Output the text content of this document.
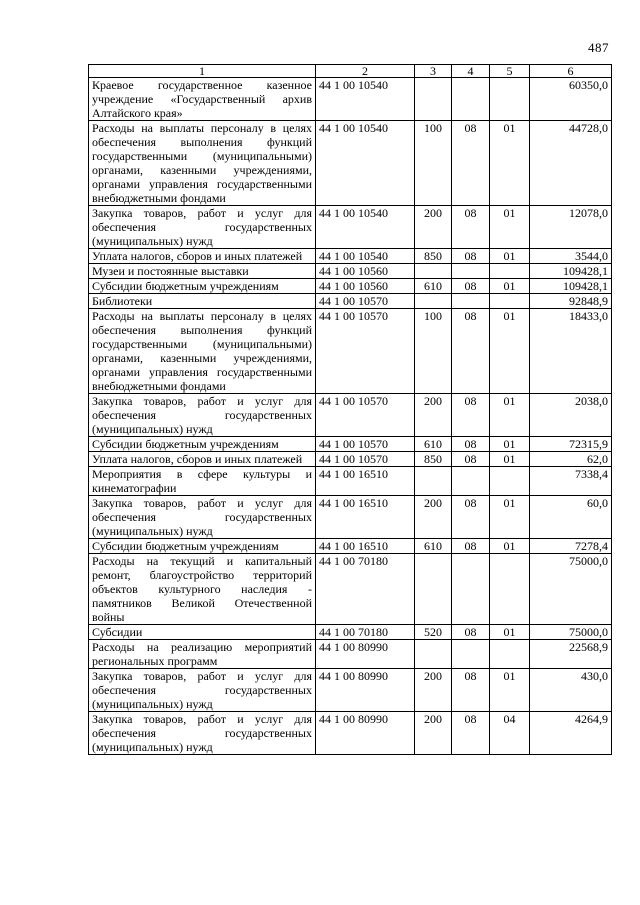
487
1	2	3	4	5	6
Краевое государственное казенное учреждение «Государственный архив Алтайского края»	44 1 00 10540				60350,0
Расходы на выплаты персоналу в целях обеспечения выполнения функций государственными (муниципальными) органами, казенными учреждениями, органами управления государственными внебюджетными фондами	44 1 00 10540	100	08	01	44728,0
Закупка товаров, работ и услуг для обеспечения государственных (муниципальных) нужд	44 1 00 10540	200	08	01	12078,0
Уплата налогов, сборов и иных платежей	44 1 00 10540	850	08	01	3544,0
Музеи и постоянные выставки	44 1 00 10560				109428,1
Субсидии бюджетным учреждениям	44 1 00 10560	610	08	01	109428,1
Библиотеки	44 1 00 10570				92848,9
Расходы на выплаты персоналу в целях обеспечения выполнения функций государственными (муниципальными) органами, казенными учреждениями, органами управления государственными внебюджетными фондами	44 1 00 10570	100	08	01	18433,0
Закупка товаров, работ и услуг для обеспечения государственных (муниципальных) нужд	44 1 00 10570	200	08	01	2038,0
Субсидии бюджетным учреждениям	44 1 00 10570	610	08	01	72315,9
Уплата налогов, сборов и иных платежей	44 1 00 10570	850	08	01	62,0
Мероприятия в сфере культуры и кинематографии	44 1 00 16510				7338,4
Закупка товаров, работ и услуг для обеспечения государственных (муниципальных) нужд	44 1 00 16510	200	08	01	60,0
Субсидии бюджетным учреждениям	44 1 00 16510	610	08	01	7278,4
Расходы на текущий и капитальный ремонт, благоустройство территорий объектов культурного наследия - памятников Великой Отечественной войны	44 1 00 70180				75000,0
Субсидии	44 1 00 70180	520	08	01	75000,0
Расходы на реализацию мероприятий региональных программ	44 1 00 80990				22568,9
Закупка товаров, работ и услуг для обеспечения государственных (муниципальных) нужд	44 1 00 80990	200	08	01	430,0
Закупка товаров, работ и услуг для обеспечения государственных (муниципальных) нужд	44 1 00 80990	200	08	04	4264,9
